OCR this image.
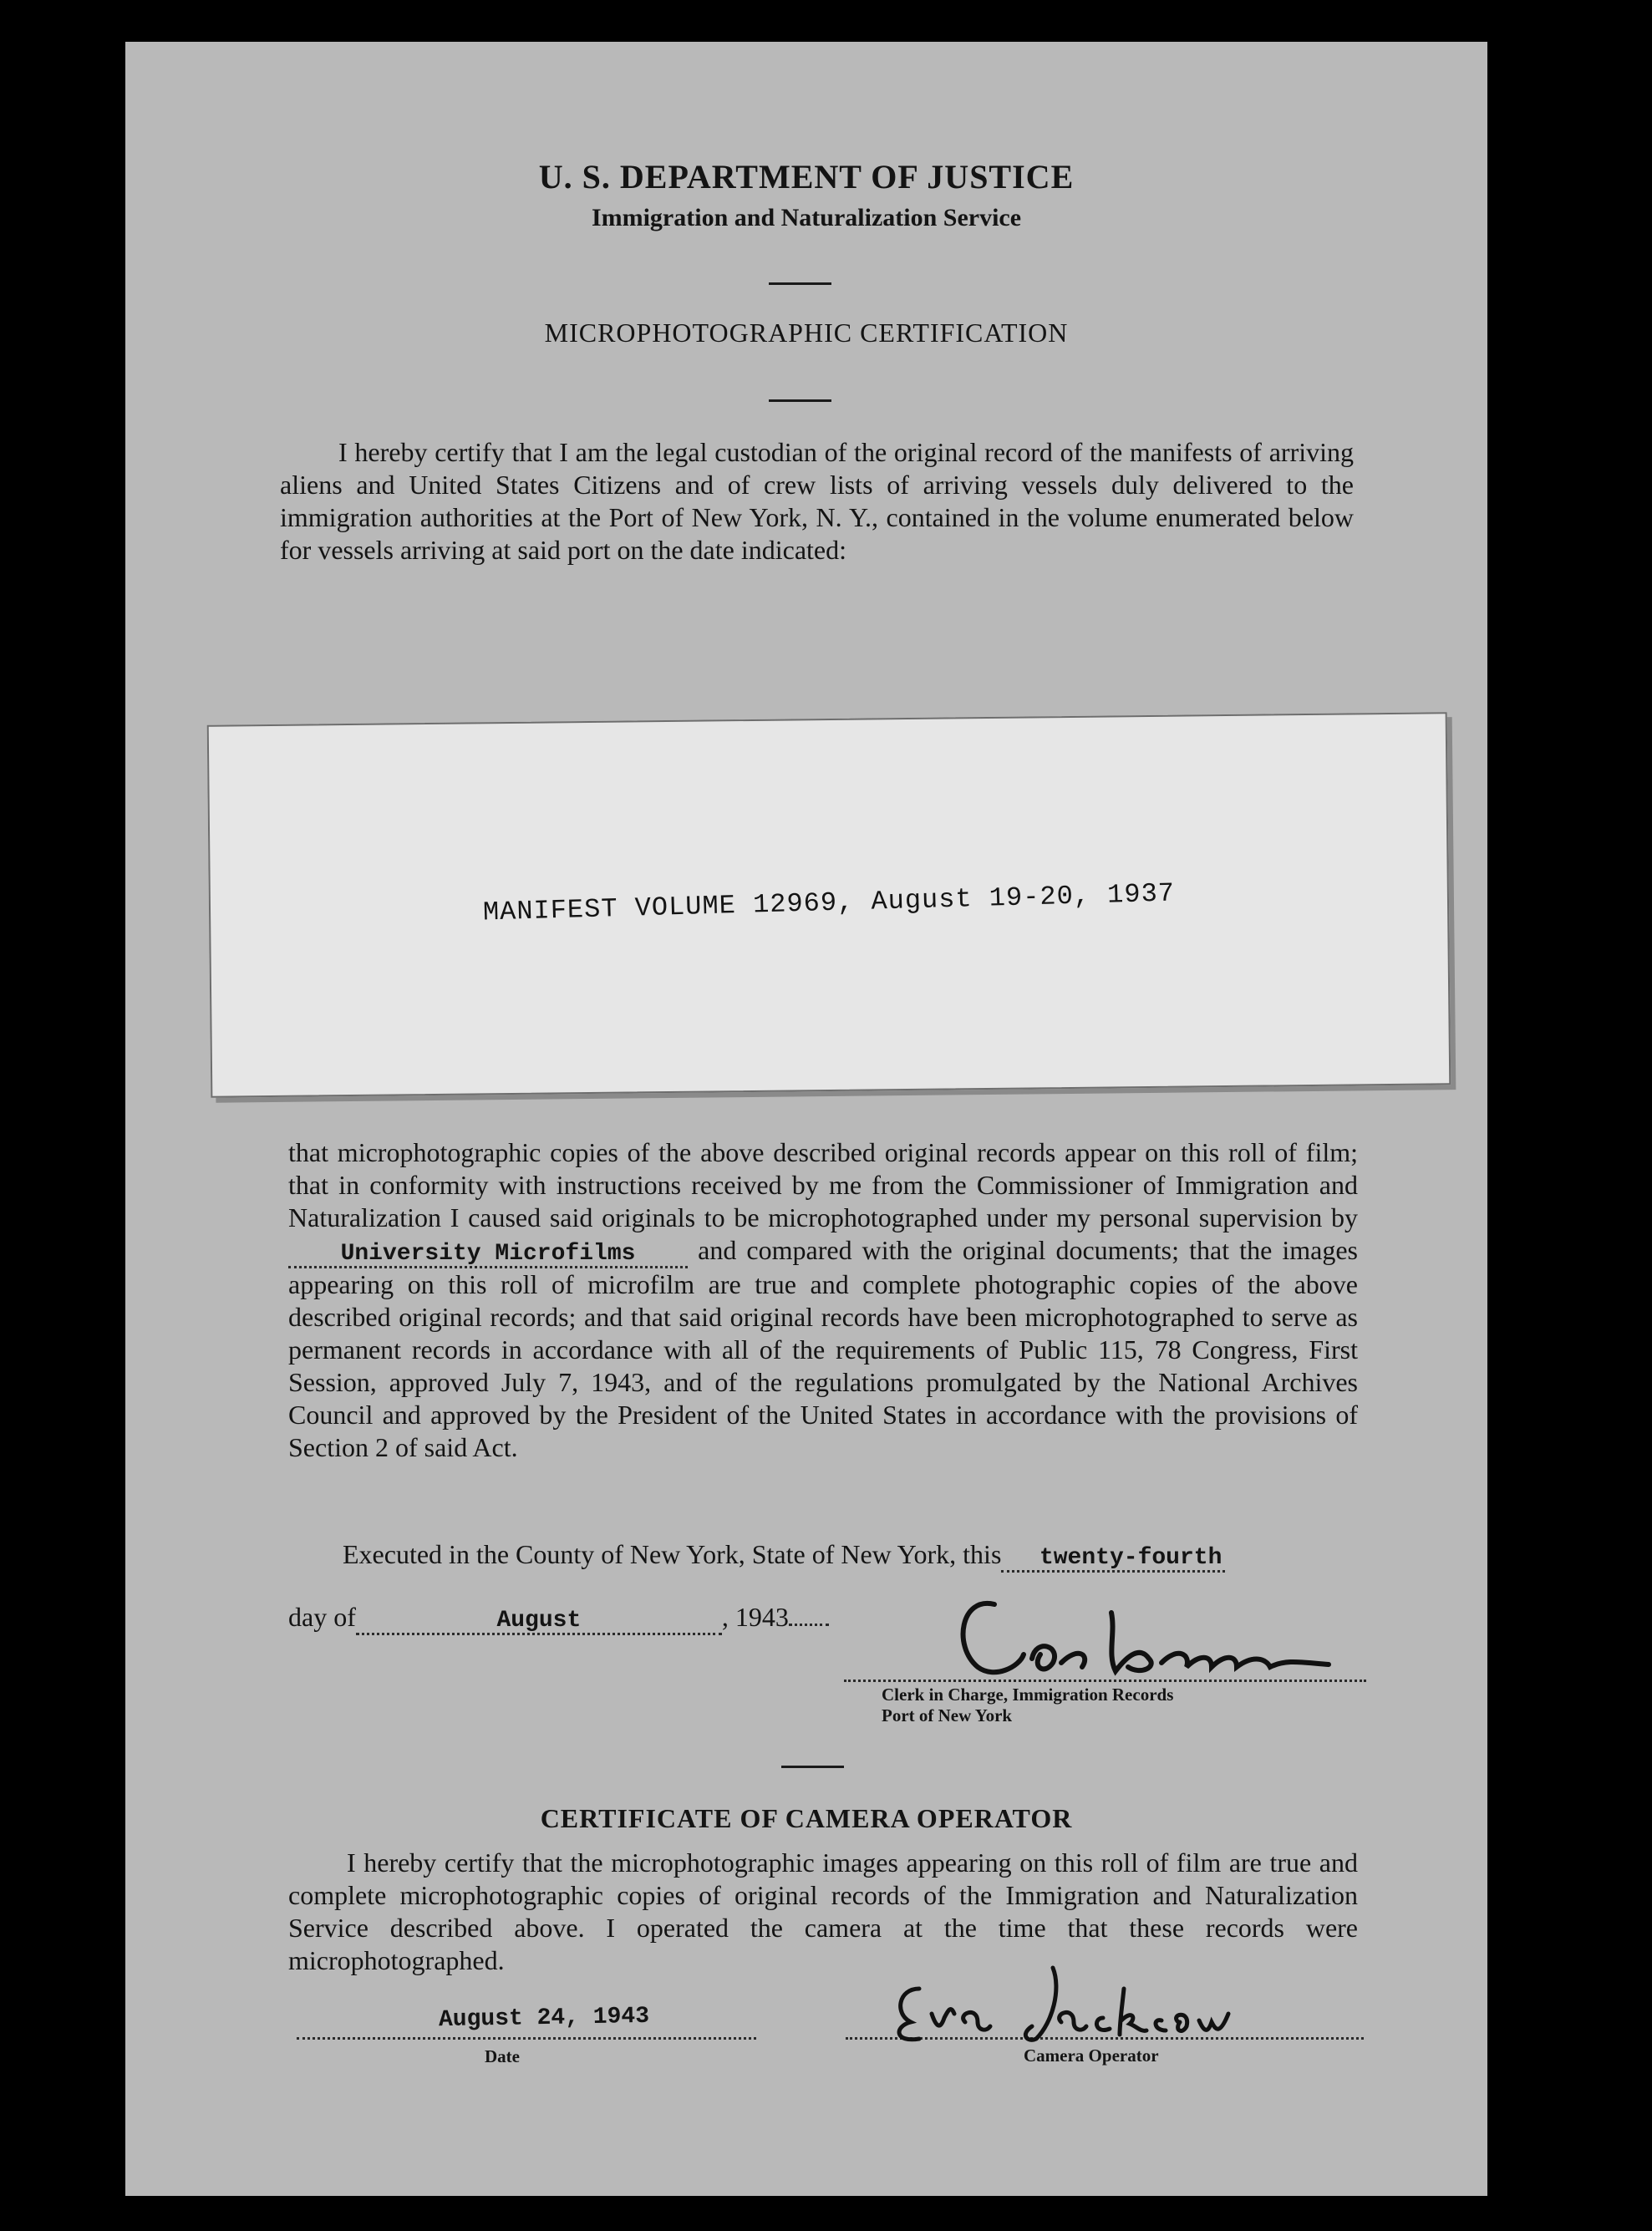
U. S. DEPARTMENT OF JUSTICE
Immigration and Naturalization Service
MICROPHOTOGRAPHIC CERTIFICATION
I hereby certify that I am the legal custodian of the original record of the manifests of arriving aliens and United States Citizens and of crew lists of arriving vessels duly delivered to the immigration authorities at the Port of New York, N. Y., contained in the volume enumerated below for vessels arriving at said port on the date indicated:
MANIFEST VOLUME 12969, August 19-20, 1937
that microphotographic copies of the above described original records appear on this roll of film; that in conformity with instructions received by me from the Commissioner of Immigration and Naturalization I caused said originals to be microphotographed under my personal supervision by University Microfilms and compared with the original documents; that the images appearing on this roll of microfilm are true and complete photographic copies of the above described original records; and that said original records have been microphotographed to serve as permanent records in accordance with all of the requirements of Public 115, 78 Congress, First Session, approved July 7, 1943, and of the regulations promulgated by the National Archives Council and approved by the President of the United States in accordance with the provisions of Section 2 of said Act.
Executed in the County of New York, State of New York, this twenty-fourth
day of	August	, 1943
Clerk in Charge, Immigration Records
Port of New York
CERTIFICATE OF CAMERA OPERATOR
I hereby certify that the microphotographic images appearing on this roll of film are true and complete microphotographic copies of original records of the Immigration and Naturalization Service described above. I operated the camera at the time that these records were microphotographed.
August 24, 1943
Date	Camera Operator
